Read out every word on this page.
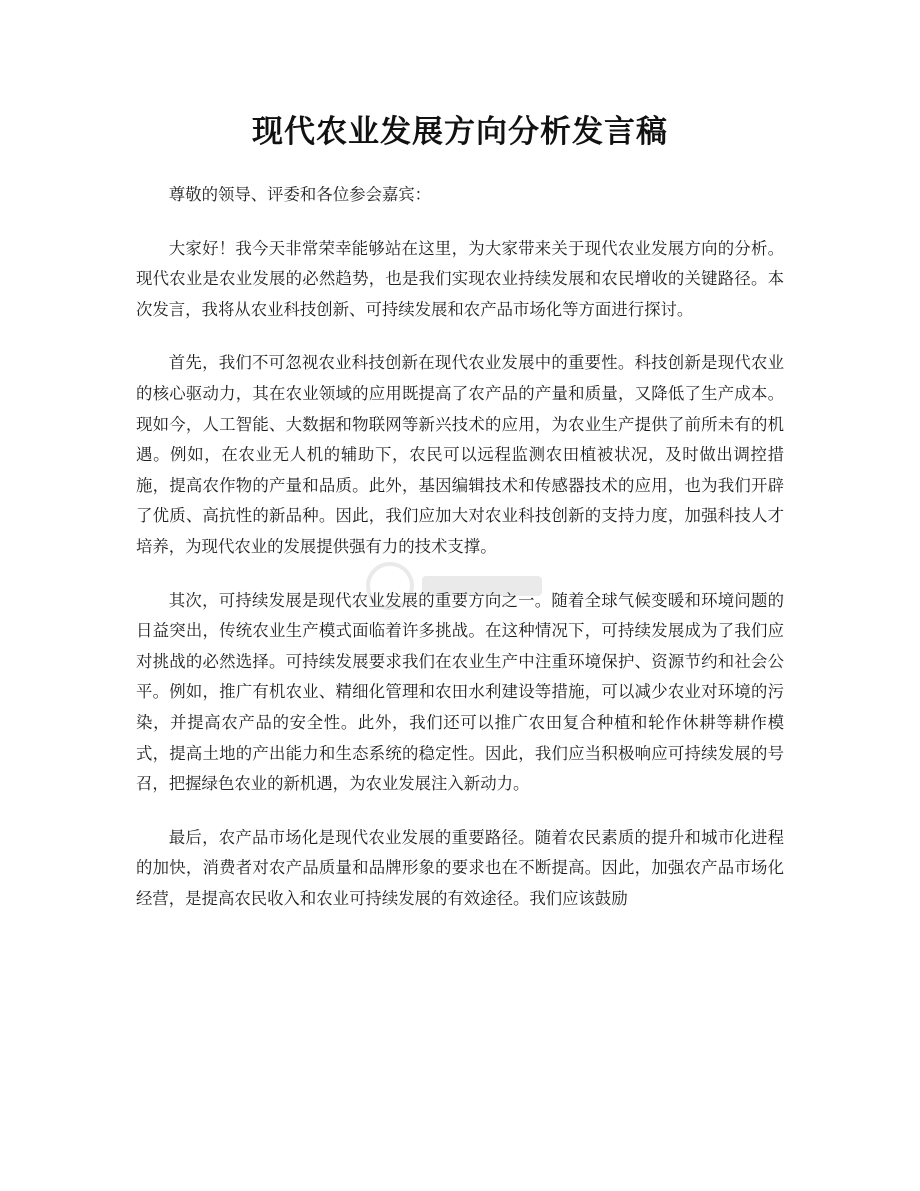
现代农业发展方向分析发言稿

尊敬的领导、评委和各位参会嘉宾：

大家好！我今天非常荣幸能够站在这里，为大家带来关于现代农业发展方向的分析。现代农业是农业发展的必然趋势，也是我们实现农业持续发展和农民增收的关键路径。本次发言，我将从农业科技创新、可持续发展和农产品市场化等方面进行探讨。

首先，我们不可忽视农业科技创新在现代农业发展中的重要性。科技创新是现代农业的核心驱动力，其在农业领域的应用既提高了农产品的产量和质量，又降低了生产成本。现如今，人工智能、大数据和物联网等新兴技术的应用，为农业生产提供了前所未有的机遇。例如，在农业无人机的辅助下，农民可以远程监测农田植被状况，及时做出调控措施，提高农作物的产量和品质。此外，基因编辑技术和传感器技术的应用，也为我们开辟了优质、高抗性的新品种。因此，我们应加大对农业科技创新的支持力度，加强科技人才培养，为现代农业的发展提供强有力的技术支撑。

其次，可持续发展是现代农业发展的重要方向之一。随着全球气候变暖和环境问题的日益突出，传统农业生产模式面临着许多挑战。在这种情况下，可持续发展成为了我们应对挑战的必然选择。可持续发展要求我们在农业生产中注重环境保护、资源节约和社会公平。例如，推广有机农业、精细化管理和农田水利建设等措施，可以减少农业对环境的污染，并提高农产品的安全性。此外，我们还可以推广农田复合种植和轮作休耕等耕作模式，提高土地的产出能力和生态系统的稳定性。因此，我们应当积极响应可持续发展的号召，把握绿色农业的新机遇，为农业发展注入新动力。

最后，农产品市场化是现代农业发展的重要路径。随着农民素质的提升和城市化进程的加快，消费者对农产品质量和品牌形象的要求也在不断提高。因此，加强农产品市场化经营，是提高农民收入和农业可持续发展的有效途径。我们应该鼓励
